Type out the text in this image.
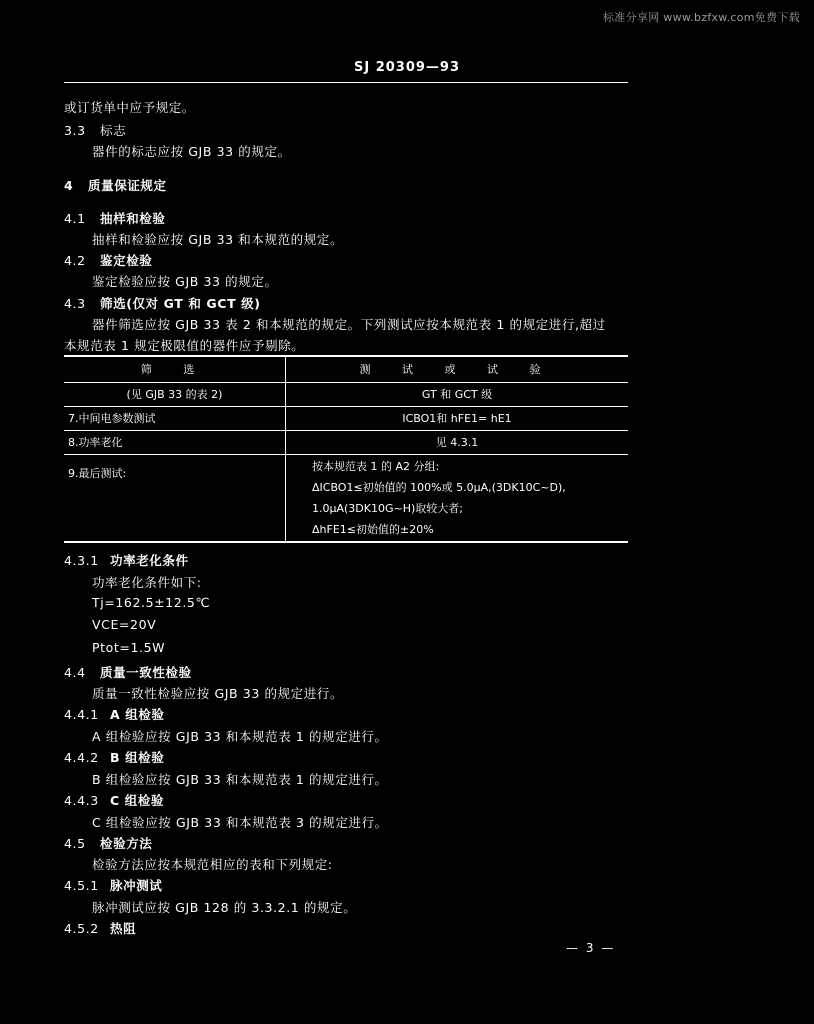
标准分享网 www.bzfxw.com免费下载
SJ 20309—93
或订货单中应予规定。
3.3 标志
器件的标志应按 GJB 33 的规定。
4 质量保证规定
4.1 抽样和检验
抽样和检验应按 GJB 33 和本规范的规定。
4.2 鉴定检验
鉴定检验应按 GJB 33 的规定。
4.3 筛选(仅对 GT 和 GCT 级)
器件筛选应按 GJB 33 表 2 和本规范的规定。下列测试应按本规范表 1 的规定进行,超过
本规范表 1 规定极限值的器件应予剔除。
筛 选	测 试 或 试 验
(见 GJB 33 的表 2)	GT 和 GCT 级
7.中间电参数测试	ICBO1和 hFE1= hE1
8.功率老化	见 4.3.1
9.最后测试:	按本规范表 1 的 A2 分组:
ΔICBO1≤初始值的 100%或 5.0μA,(3DK10C~D),
1.0μA(3DK10G~H)取较大者;
ΔhFE1≤初始值的±20%
4.3.1 功率老化条件
功率老化条件如下:
Tj=162.5±12.5℃
VCE=20V
Ptot=1.5W
4.4 质量一致性检验
质量一致性检验应按 GJB 33 的规定进行。
4.4.1 A 组检验
A 组检验应按 GJB 33 和本规范表 1 的规定进行。
4.4.2 B 组检验
B 组检验应按 GJB 33 和本规范表 1 的规定进行。
4.4.3 C 组检验
C 组检验应按 GJB 33 和本规范表 3 的规定进行。
4.5 检验方法
检验方法应按本规范相应的表和下列规定:
4.5.1 脉冲测试
脉冲测试应按 GJB 128 的 3.3.2.1 的规定。
4.5.2 热阻
— 3 —
